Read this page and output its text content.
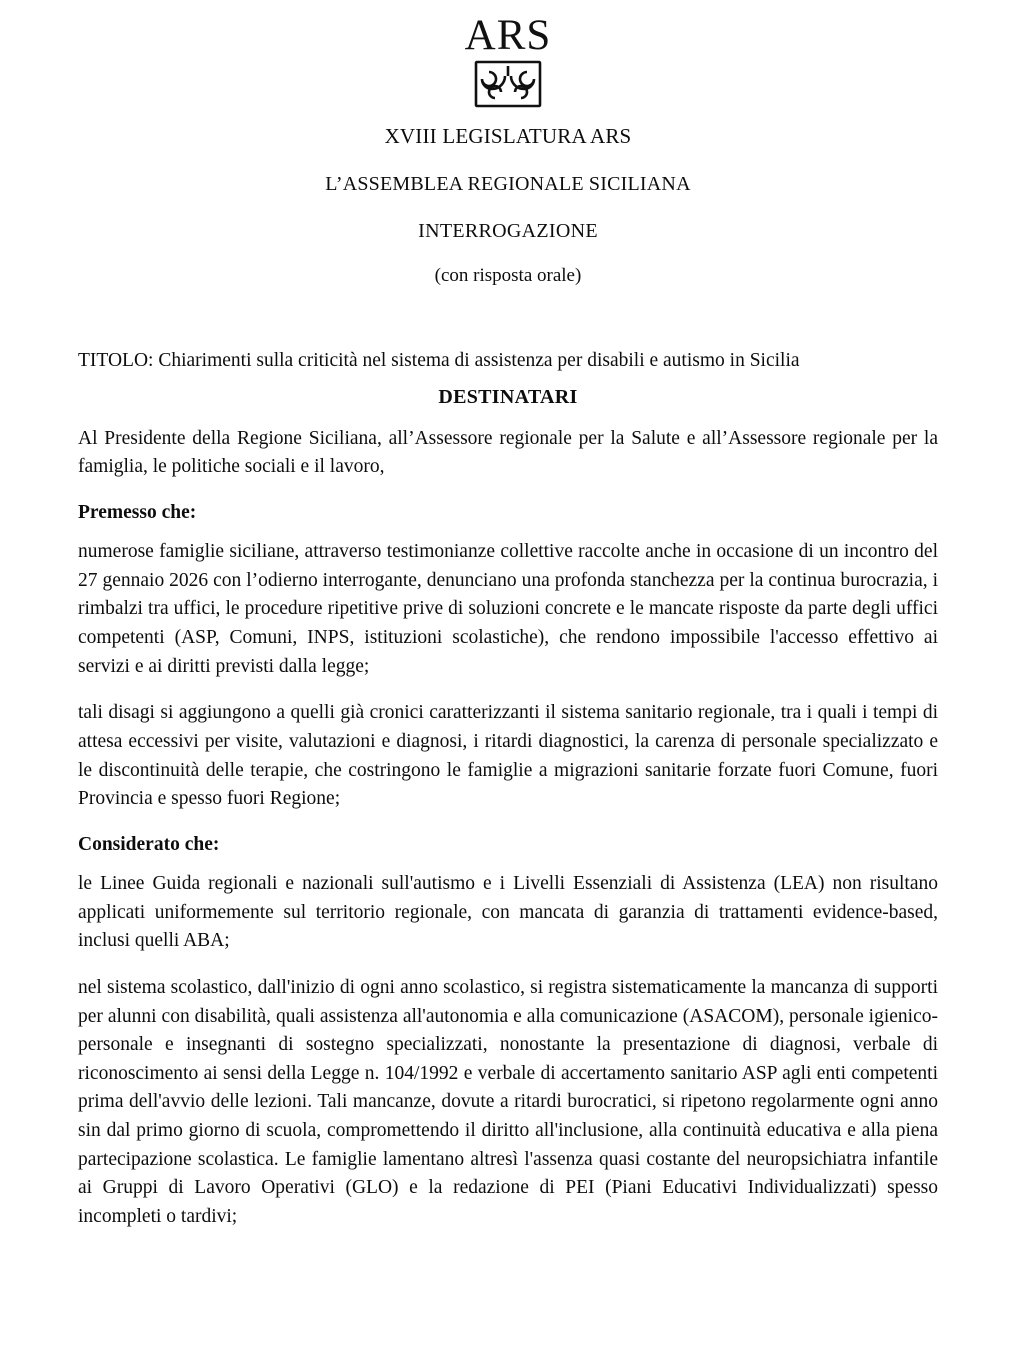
ARS
XVIII LEGISLATURA ARS
L’ASSEMBLEA REGIONALE SICILIANA
INTERROGAZIONE
(con risposta orale)

TITOLO: Chiarimenti sulla criticità nel sistema di assistenza per disabili e autismo in Sicilia

DESTINATARI

Al Presidente della Regione Siciliana, all’Assessore regionale per la Salute e all’Assessore regionale per la famiglia, le politiche sociali e il lavoro,

Premesso che:

numerose famiglie siciliane, attraverso testimonianze collettive raccolte anche in occasione di un incontro del 27 gennaio 2026 con l’odierno interrogante, denunciano una profonda stanchezza per la continua burocrazia, i rimbalzi tra uffici, le procedure ripetitive prive di soluzioni concrete e le mancate risposte da parte degli uffici competenti (ASP, Comuni, INPS, istituzioni scolastiche), che rendono impossibile l'accesso effettivo ai servizi e ai diritti previsti dalla legge;

tali disagi si aggiungono a quelli già cronici caratterizzanti il sistema sanitario regionale, tra i quali i tempi di attesa eccessivi per visite, valutazioni e diagnosi, i ritardi diagnostici, la carenza di personale specializzato e le discontinuità delle terapie, che costringono le famiglie a migrazioni sanitarie forzate fuori Comune, fuori Provincia e spesso fuori Regione;

Considerato che:

le Linee Guida regionali e nazionali sull'autismo e i Livelli Essenziali di Assistenza (LEA) non risultano applicati uniformemente sul territorio regionale, con mancata di garanzia di trattamenti evidence-based, inclusi quelli ABA;

nel sistema scolastico, dall'inizio di ogni anno scolastico, si registra sistematicamente la mancanza di supporti per alunni con disabilità, quali assistenza all'autonomia e alla comunicazione (ASACOM), personale igienico-personale e insegnanti di sostegno specializzati, nonostante la presentazione di diagnosi, verbale di riconoscimento ai sensi della Legge n. 104/1992 e verbale di accertamento sanitario ASP agli enti competenti prima dell'avvio delle lezioni. Tali mancanze, dovute a ritardi burocratici, si ripetono regolarmente ogni anno sin dal primo giorno di scuola, compromettendo il diritto all'inclusione, alla continuità educativa e alla piena partecipazione scolastica. Le famiglie lamentano altresì l'assenza quasi costante del neuropsichiatra infantile ai Gruppi di Lavoro Operativi (GLO) e la redazione di PEI (Piani Educativi Individualizzati) spesso incompleti o tardivi;
